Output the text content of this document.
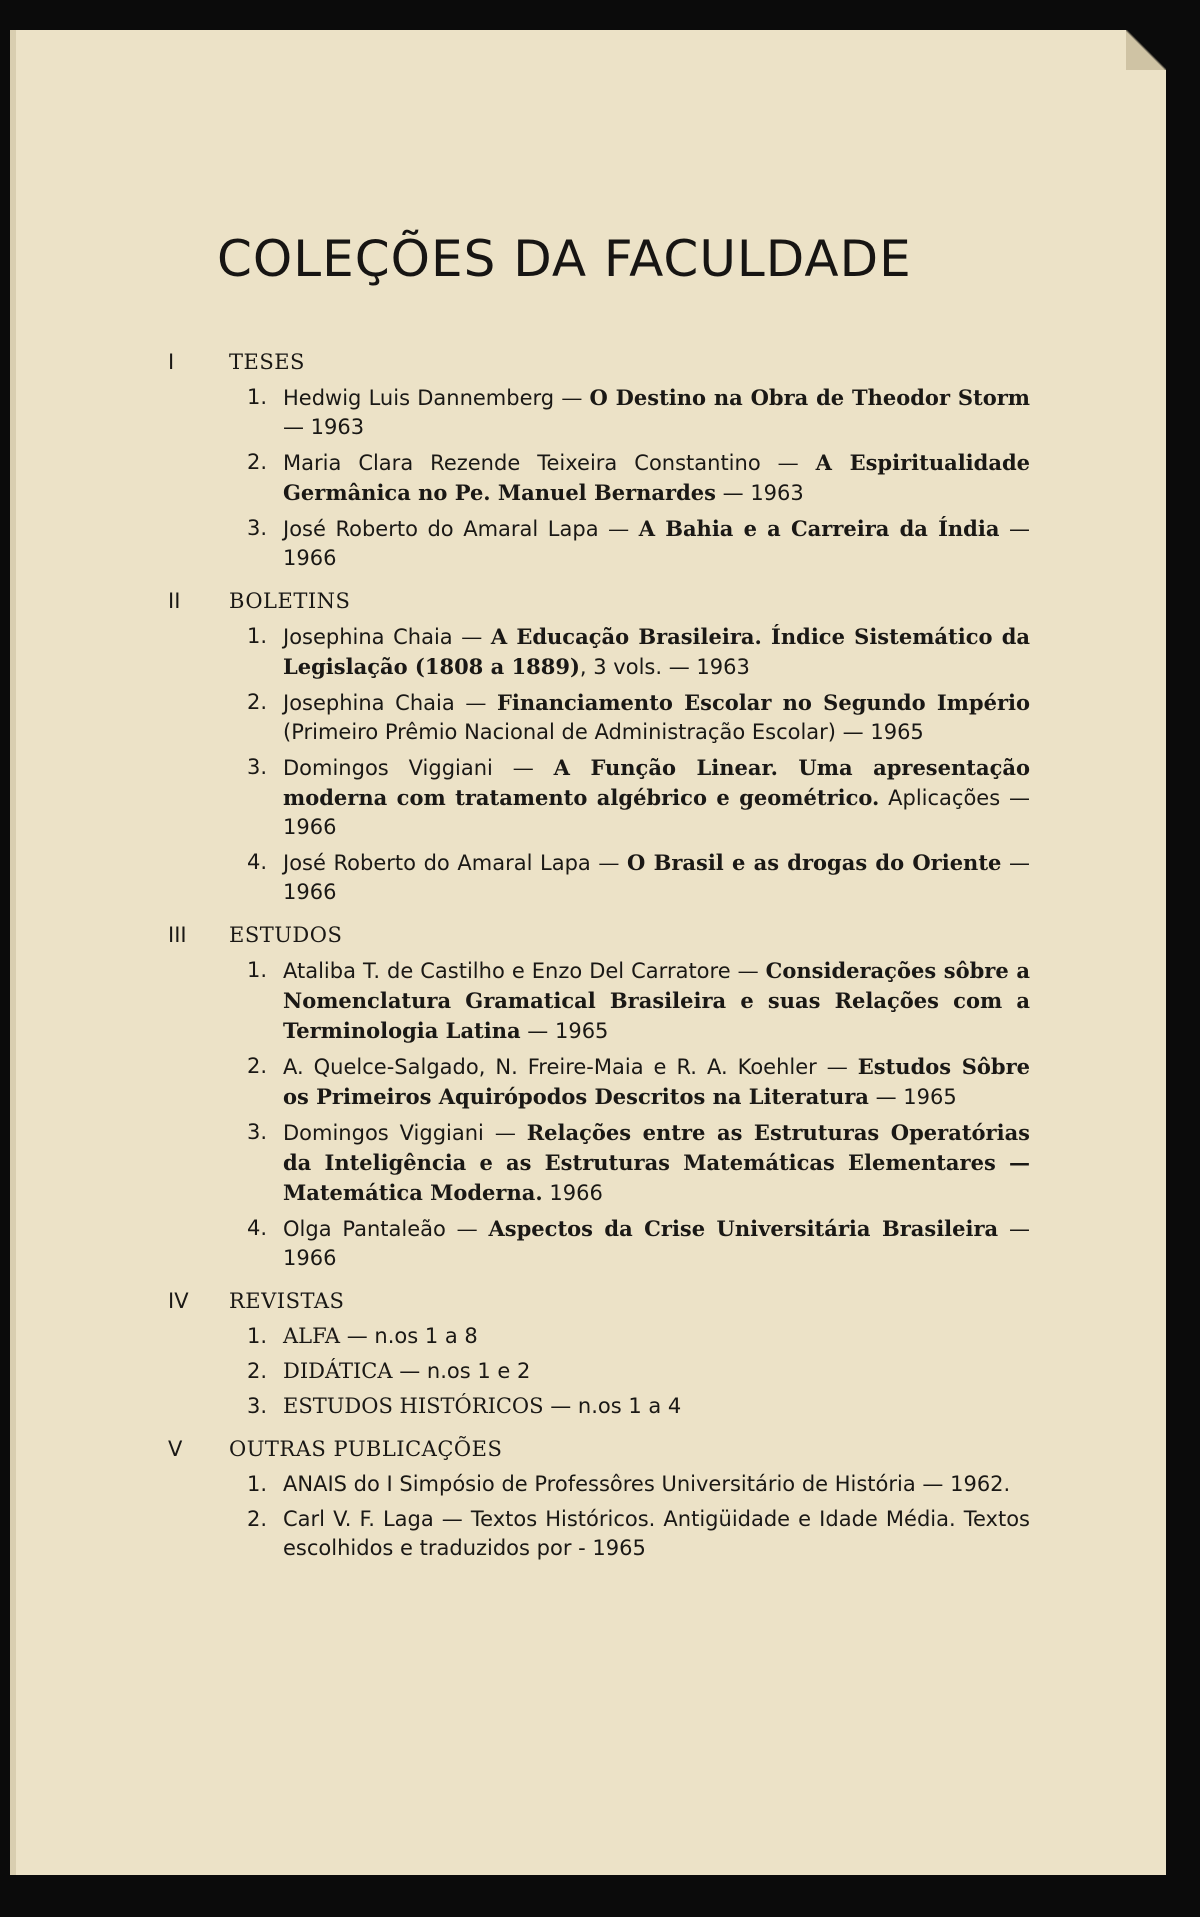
COLEÇÕES DA FACULDADE
I	TESES
1. Hedwig Luis Dannemberg — O Destino na Obra de Theodor Storm — 1963
2. Maria Clara Rezende Teixeira Constantino — A Espiritualidade Germânica no Pe. Manuel Bernardes — 1963
3. José Roberto do Amaral Lapa — A Bahia e a Carreira da Índia — 1966
II	BOLETINS
1. Josephina Chaia — A Educação Brasileira. Índice Sistemático da Legislação (1808 a 1889), 3 vols. — 1963
2. Josephina Chaia — Financiamento Escolar no Segundo Império (Primeiro Prêmio Nacional de Administração Escolar) — 1965
3. Domingos Viggiani — A Função Linear. Uma apresentação moderna com tratamento algébrico e geométrico. Aplicações — 1966
4. José Roberto do Amaral Lapa — O Brasil e as drogas do Oriente — 1966
III	ESTUDOS
1. Ataliba T. de Castilho e Enzo Del Carratore — Considerações sôbre a Nomenclatura Gramatical Brasileira e suas Relações com a Terminologia Latina — 1965
2. A. Quelce-Salgado, N. Freire-Maia e R. A. Koehler — Estudos Sôbre os Primeiros Aquirópodos Descritos na Literatura — 1965
3. Domingos Viggiani — Relações entre as Estruturas Operatórias da Inteligência e as Estruturas Matemáticas Elementares — Matemática Moderna. 1966
4. Olga Pantaleão — Aspectos da Crise Universitária Brasileira — 1966
IV	REVISTAS
1. ALFA — n.os 1 a 8
2. DIDÁTICA — n.os 1 e 2
3. ESTUDOS HISTÓRICOS — n.os 1 a 4
V	OUTRAS PUBLICAÇÕES
1. ANAIS do I Simpósio de Professôres Universitário de História — 1962.
2. Carl V. F. Laga — Textos Históricos. Antigüidade e Idade Média. Textos escolhidos e traduzidos por - 1965
